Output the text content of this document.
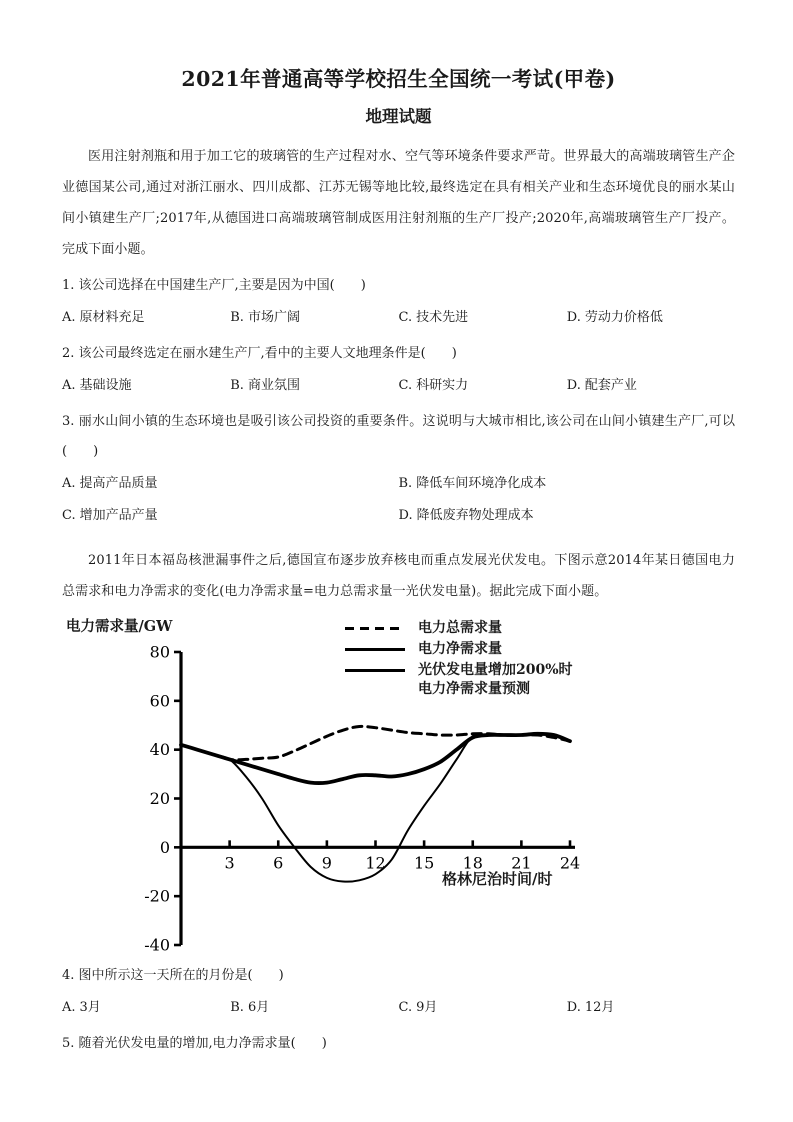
2021年普通高等学校招生全国统一考试(甲卷)
地理试题

医用注射剂瓶和用于加工它的玻璃管的生产过程对水、空气等环境条件要求严苛。世界最大的高端玻璃管生产企业德国某公司,通过对浙江丽水、四川成都、江苏无锡等地比较,最终选定在具有相关产业和生态环境优良的丽水某山间小镇建生产厂;2017年,从德国进口高端玻璃管制成医用注射剂瓶的生产厂投产;2020年,高端玻璃管生产厂投产。完成下面小题。

1. 该公司选择在中国建生产厂,主要是因为中国(　　)
A. 原材料充足	B. 市场广阔	C. 技术先进	D. 劳动力价格低
2. 该公司最终选定在丽水建生产厂,看中的主要人文地理条件是(　　)
A. 基础设施	B. 商业氛围	C. 科研实力	D. 配套产业
3. 丽水山间小镇的生态环境也是吸引该公司投资的重要条件。这说明与大城市相比,该公司在山间小镇建生产厂,可以(　　)
A. 提高产品质量	B. 降低车间环境净化成本
C. 增加产品产量	D. 降低废弃物处理成本

2011年日本福岛核泄漏事件之后,德国宣布逐步放弃核电而重点发展光伏发电。下图示意2014年某日德国电力总需求和电力净需求的变化(电力净需求量=电力总需求量一光伏发电量)。据此完成下面小题。

电力需求量/GW	电力总需求量
电力净需求量
光伏发电量增加200%时
电力净需求量预测
80
60
40
20
0
-20
-40
3 6 9 12 15 18 21 24
格林尼治时间/时
4. 图中所示这一天所在的月份是(　　)
A. 3月	B. 6月	C. 9月	D. 12月
5. 随着光伏发电量的增加,电力净需求量(　　)
